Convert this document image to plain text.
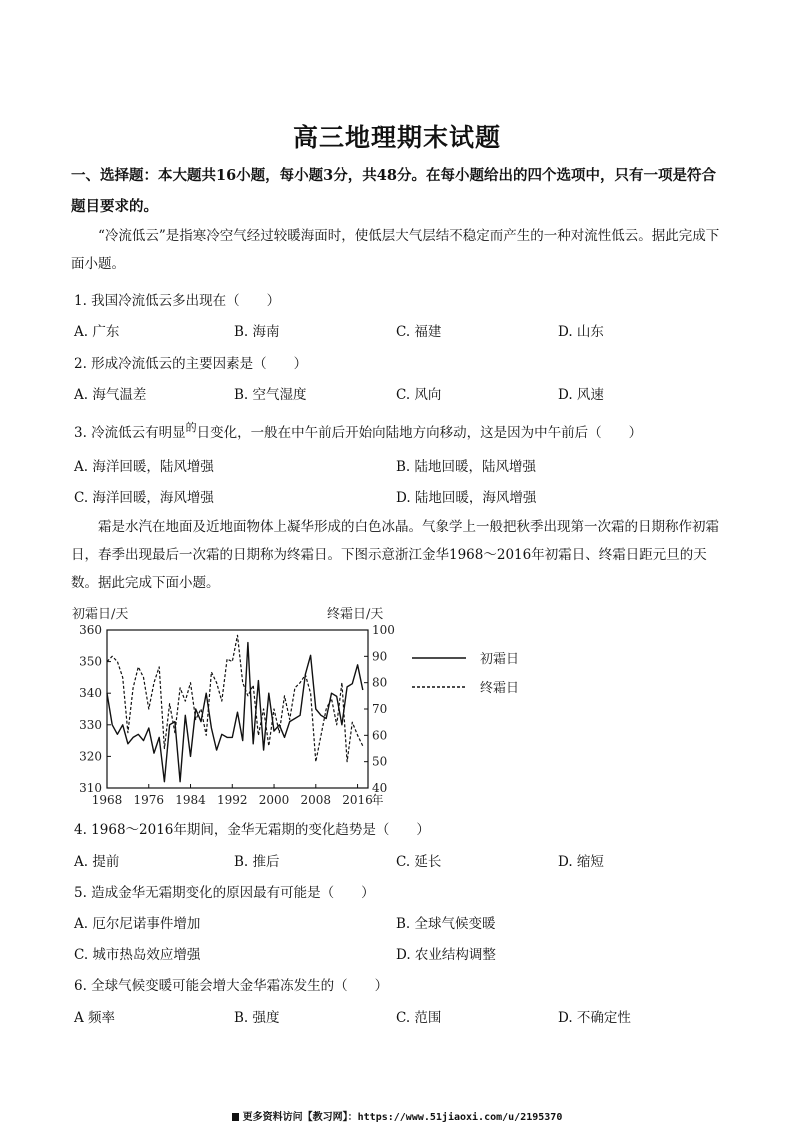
高三地理期末试题
一、选择题：本大题共16小题，每小题3分，共48分。在每小题给出的四个选项中，只有一项是符合题目要求的。
“冷流低云”是指寒冷空气经过较暖海面时，使低层大气层结不稳定而产生的一种对流性低云。据此完成下面小题。
1. 我国冷流低云多出现在（　　）
A. 广东	B. 海南	C. 福建	D. 山东
2. 形成冷流低云的主要因素是（　　）
A. 海气温差	B. 空气湿度	C. 风向	D. 风速
3. 冷流低云有明显$^的$日变化，一般在中午前后开始向陆地方向移动，这是因为中午前后（　　）
A. 海洋回暖，陆风增强	B. 陆地回暖，陆风增强
C. 海洋回暖，海风增强	D. 陆地回暖，海风增强
霜是水汽在地面及近地面物体上凝华形成的白色冰晶。气象学上一般把秋季出现第一次霜的日期称作初霜日，春季出现最后一次霜的日期称为终霜日。下图示意浙江金华1968～2016年初霜日、终霜日距元旦的天数。据此完成下面小题。
初霜日/天	终霜日/天
360
350
340
330
320
310
100
90
80
70
60
50
40
1968 1976 1984 1992 2000 2008 2016
年
初霜日
终霜日
4. 1968～2016年期间，金华无霜期的变化趋势是（　　）
A. 提前	B. 推后	C. 延长	D. 缩短
5. 造成金华无霜期变化的原因最有可能是（　　）
A. 厄尔尼诺事件增加	B. 全球气候变暖
C. 城市热岛效应增强	D. 农业结构调整
6. 全球气候变暖可能会增大金华霜冻发生的（　　）
A 频率	B. 强度	C. 范围	D. 不确定性
更多资料访问【教习网】：https://www.51jiaoxi.com/u/2195370
